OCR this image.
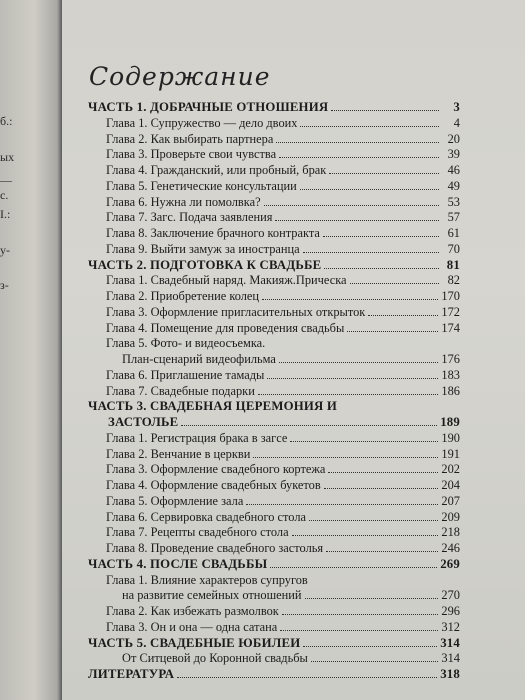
б.:
ых
—
с.
І.:
у-
з-
Содержание
ЧАСТЬ 1. ДОБРАЧНЫЕ ОТНОШЕНИЯ	3
Глава 1. Супружество — дело двоих	4
Глава 2. Как выбирать партнера	20
Глава 3. Проверьте свои чувства	39
Глава 4. Гражданский, или пробный, брак	46
Глава 5. Генетические консультации	49
Глава 6. Нужна ли помолвка?	53
Глава 7. Загс. Подача заявления	57
Глава 8. Заключение брачного контракта	61
Глава 9. Выйти замуж за иностранца	70
ЧАСТЬ 2. ПОДГОТОВКА К СВАДЬБЕ	81
Глава 1. Свадебный наряд. Макияж.Прическа	82
Глава 2. Приобретение колец	170
Глава 3. Оформление пригласительных открыток	172
Глава 4. Помещение для проведения свадьбы	174
Глава 5. Фото- и видеосъемка.
План-сценарий видеофильма	176
Глава 6. Приглашение тамады	183
Глава 7. Свадебные подарки	186
ЧАСТЬ 3. СВАДЕБНАЯ ЦЕРЕМОНИЯ И
ЗАСТОЛЬЕ	189
Глава 1. Регистрация брака в загсе	190
Глава 2. Венчание в церкви	191
Глава 3. Оформление свадебного кортежа	202
Глава 4. Оформление свадебных букетов	204
Глава 5. Оформление зала	207
Глава 6. Сервировка свадебного стола	209
Глава 7. Рецепты свадебного стола	218
Глава 8. Проведение свадебного застолья	246
ЧАСТЬ 4. ПОСЛЕ СВАДЬБЫ	269
Глава 1. Влияние характеров супругов
на развитие семейных отношений	270
Глава 2. Как избежать размолвок	296
Глава 3. Он и она — одна сатана	312
ЧАСТЬ 5. СВАДЕБНЫЕ ЮБИЛЕИ	314
От Ситцевой до Коронной свадьбы	314
ЛИТЕРАТУРА	318
